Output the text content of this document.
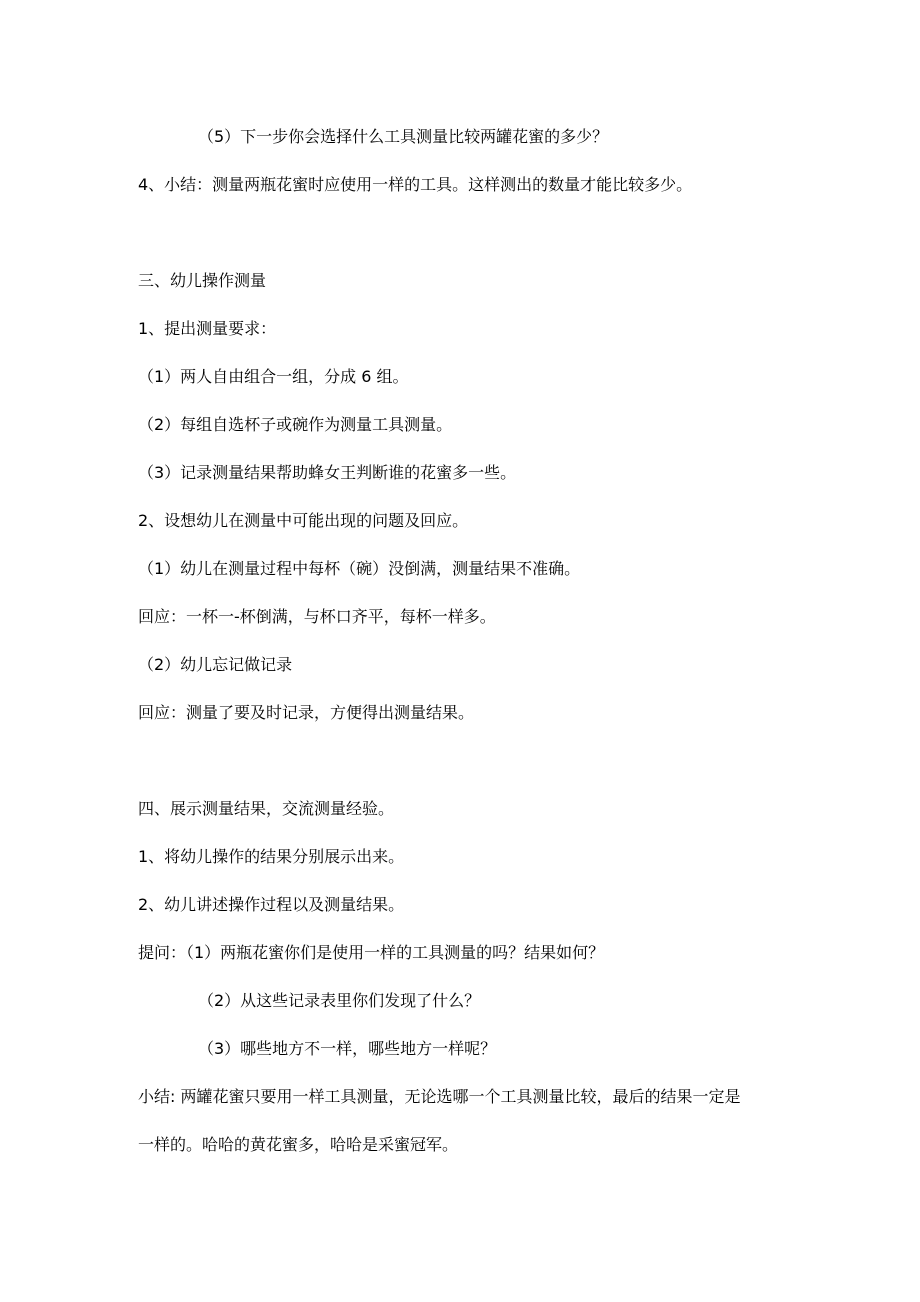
（5）下一步你会选择什么工具测量比较两罐花蜜的多少？

4、小结：测量两瓶花蜜时应使用一样的工具。这样测出的数量才能比较多少。

三、幼儿操作测量

1、提出测量要求：

（1）两人自由组合一组，分成 6 组。

（2）每组自选杯子或碗作为测量工具测量。

（3）记录测量结果帮助蜂女王判断谁的花蜜多一些。

2、设想幼儿在测量中可能出现的问题及回应。

（1）幼儿在测量过程中每杯（碗）没倒满，测量结果不准确。

回应：一杯一-杯倒满，与杯口齐平，每杯一样多。

（2）幼儿忘记做记录

回应：测量了要及时记录，方便得出测量结果。

四、展示测量结果，交流测量经验。

1、将幼儿操作的结果分别展示出来。

2、幼儿讲述操作过程以及测量结果。

提问：（1）两瓶花蜜你们是使用一样的工具测量的吗？结果如何？

（2）从这些记录表里你们发现了什么？

（3）哪些地方不一样，哪些地方一样呢？

小结: 两罐花蜜只要用一样工具测量，无论选哪一个工具测量比较，最后的结果一定是

一样的。哈哈的黄花蜜多，哈哈是采蜜冠军。
